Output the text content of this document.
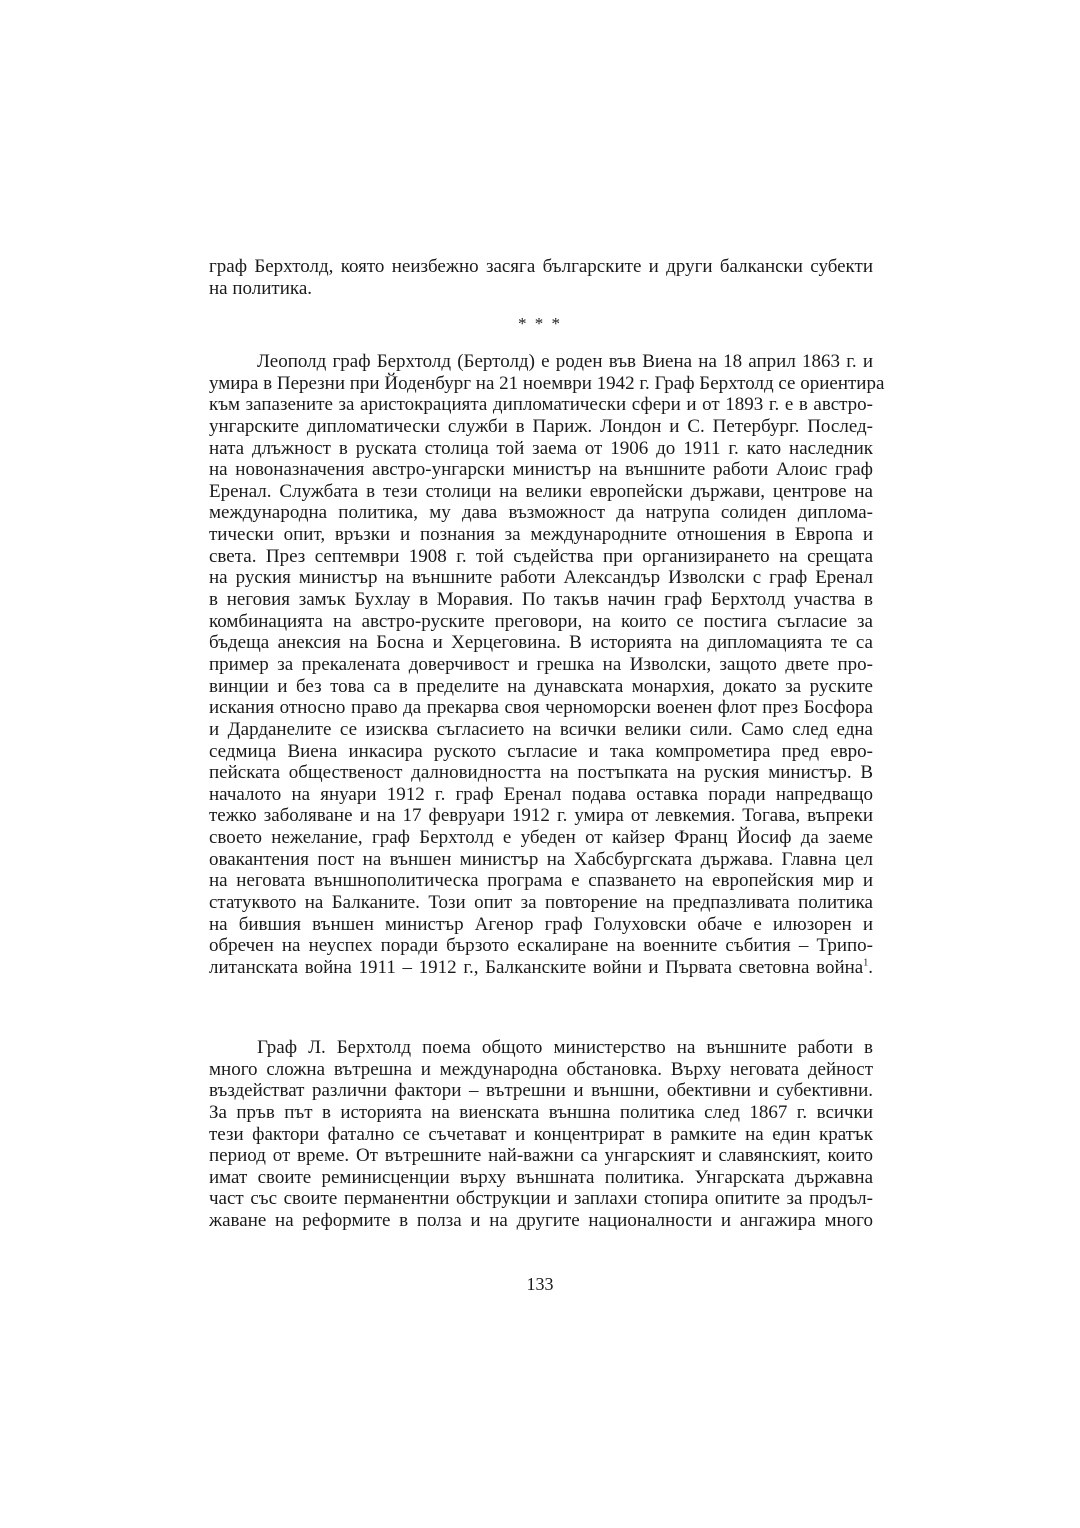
граф Берхтолд, която неизбежно засяга българските и други балкански субекти
на политика.
* * *
Леополд граф Берхтолд (Бертолд) е роден във Виена на 18 април 1863 г. и
умира в Перезни при Йоденбург на 21 ноември 1942 г. Граф Берхтолд се ориентира
към запазените за аристокрацията дипломатически сфери и от 1893 г. е в австро-
унгарските дипломатически служби в Париж. Лондон и С. Петербург. Послед-
ната длъжност в руската столица той заема от 1906 до 1911 г. като наследник
на новоназначения австро-унгарски министър на външните работи Алоис граф
Еренал. Службата в тези столици на велики европейски държави, центрове на
международна политика, му дава възможност да натрупа солиден диплома-
тически опит, връзки и познания за международните отношения в Европа и
света. През септември 1908 г. той съдейства при организирането на срещата
на руския министър на външните работи Александър Изволски с граф Еренал
в неговия замък Бухлау в Моравия. По такъв начин граф Берхтолд участва в
комбинацията на австро-руските преговори, на които се постига съгласие за
бъдеща анексия на Босна и Херцеговина. В историята на дипломацията те са
пример за прекалената доверчивост и грешка на Изволски, защото двете про-
винции и без това са в пределите на дунавската монархия, докато за руските
искания относно право да прекарва своя черноморски военен флот през Босфора
и Дарданелите се изисква съгласието на всички велики сили. Само след една
седмица Виена инкасира руското съгласие и така компрометира пред евро-
пейската общественост далновидността на постъпката на руския министър. В
началото на януари 1912 г. граф Еренал подава оставка поради напредващо
тежко заболяване и на 17 февруари 1912 г. умира от левкемия. Тогава, въпреки
своето нежелание, граф Берхтолд е убеден от кайзер Франц Йосиф да заеме
овакантения пост на външен министър на Хабсбургската държава. Главна цел
на неговата външнополитическа програма е спазването на европейския мир и
статуквото на Балканите. Този опит за повторение на предпазливата политика
на бившия външен министър Агенор граф Голуховски обаче е илюзорен и
обречен на неуспех поради бързото ескалиране на военните събития – Трипо-
литанската война 1911 – 1912 г., Балканските войни и Първата световна война$^1$.
Граф Л. Берхтолд поема общото министерство на външните работи в
много сложна вътрешна и международна обстановка. Върху неговата дейност
въздействат различни фактори – вътрешни и външни, обективни и субективни.
За пръв път в историята на виенската външна политика след 1867 г. всички
тези фактори фатално се съчетават и концентрират в рамките на един кратък
период от време. От вътрешните най-важни са унгарският и славянският, които
имат своите реминисценции върху външната политика. Унгарската държавна
част със своите перманентни обструкции и заплахи стопира опитите за продъл-
жаване на реформите в полза и на другите националности и ангажира много
133
